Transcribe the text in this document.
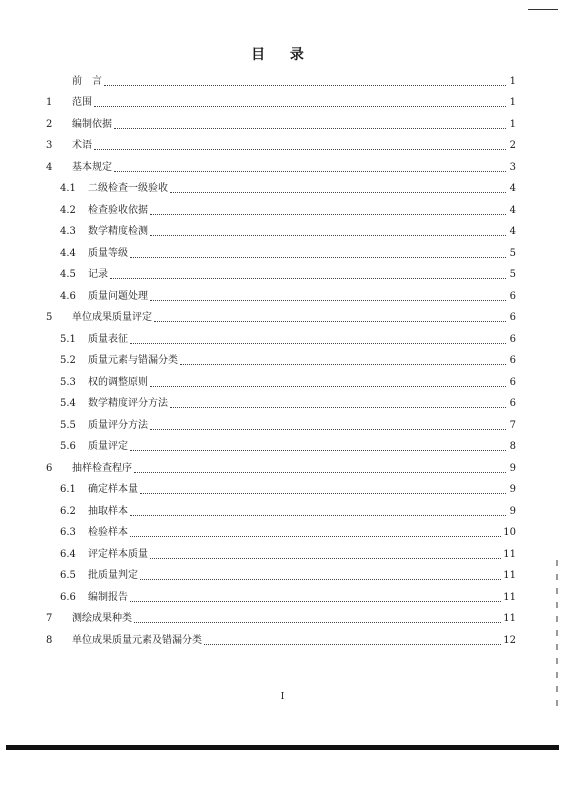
目 录
前　言	1
1	范围	1
2	编制依据	1
3	术语	2
4	基本规定	3
4.1	二级检查一级验收	4
4.2	检查验收依据	4
4.3	数学精度检测	4
4.4	质量等级	5
4.5	记录	5
4.6	质量问题处理	6
5	单位成果质量评定	6
5.1	质量表征	6
5.2	质量元素与错漏分类	6
5.3	权的调整原则	6
5.4	数学精度评分方法	6
5.5	质量评分方法	7
5.6	质量评定	8
6	抽样检查程序	9
6.1	确定样本量	9
6.2	抽取样本	9
6.3	检验样本	10
6.4	评定样本质量	11
6.5	批质量判定	11
6.6	编制报告	11
7	测绘成果种类	11
8	单位成果质量元素及错漏分类	12
I
